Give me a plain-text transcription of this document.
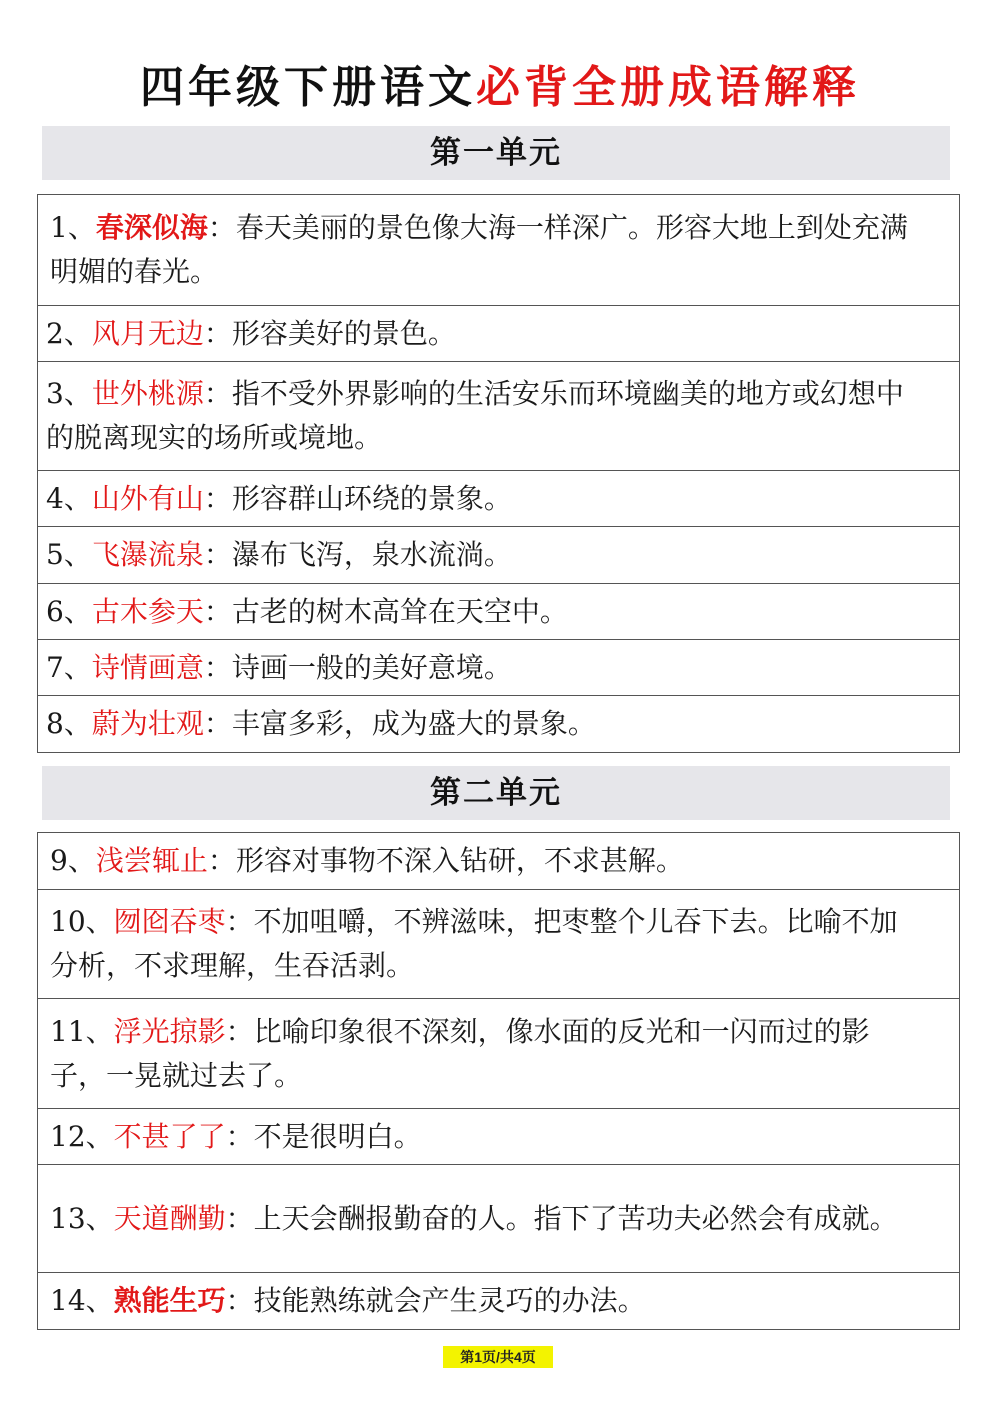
四年级下册语文必背全册成语解释
第一单元
1、春深似海：春天美丽的景色像大海一样深广。形容大地上到处充满明媚的春光。
2、风月无边：形容美好的景色。
3、世外桃源：指不受外界影响的生活安乐而环境幽美的地方或幻想中的脱离现实的场所或境地。
4、山外有山：形容群山环绕的景象。
5、飞瀑流泉：瀑布飞泻，泉水流淌。
6、古木参天：古老的树木高耸在天空中。
7、诗情画意：诗画一般的美好意境。
8、蔚为壮观：丰富多彩，成为盛大的景象。
第二单元
9、浅尝辄止：形容对事物不深入钻研，不求甚解。
10、囫囵吞枣：不加咀嚼，不辨滋味，把枣整个儿吞下去。比喻不加分析，不求理解，生吞活剥。
11、浮光掠影：比喻印象很不深刻，像水面的反光和一闪而过的影子，一晃就过去了。
12、不甚了了：不是很明白。
13、天道酬勤：上天会酬报勤奋的人。指下了苦功夫必然会有成就。
14、熟能生巧：技能熟练就会产生灵巧的办法。
第1页/共4页
